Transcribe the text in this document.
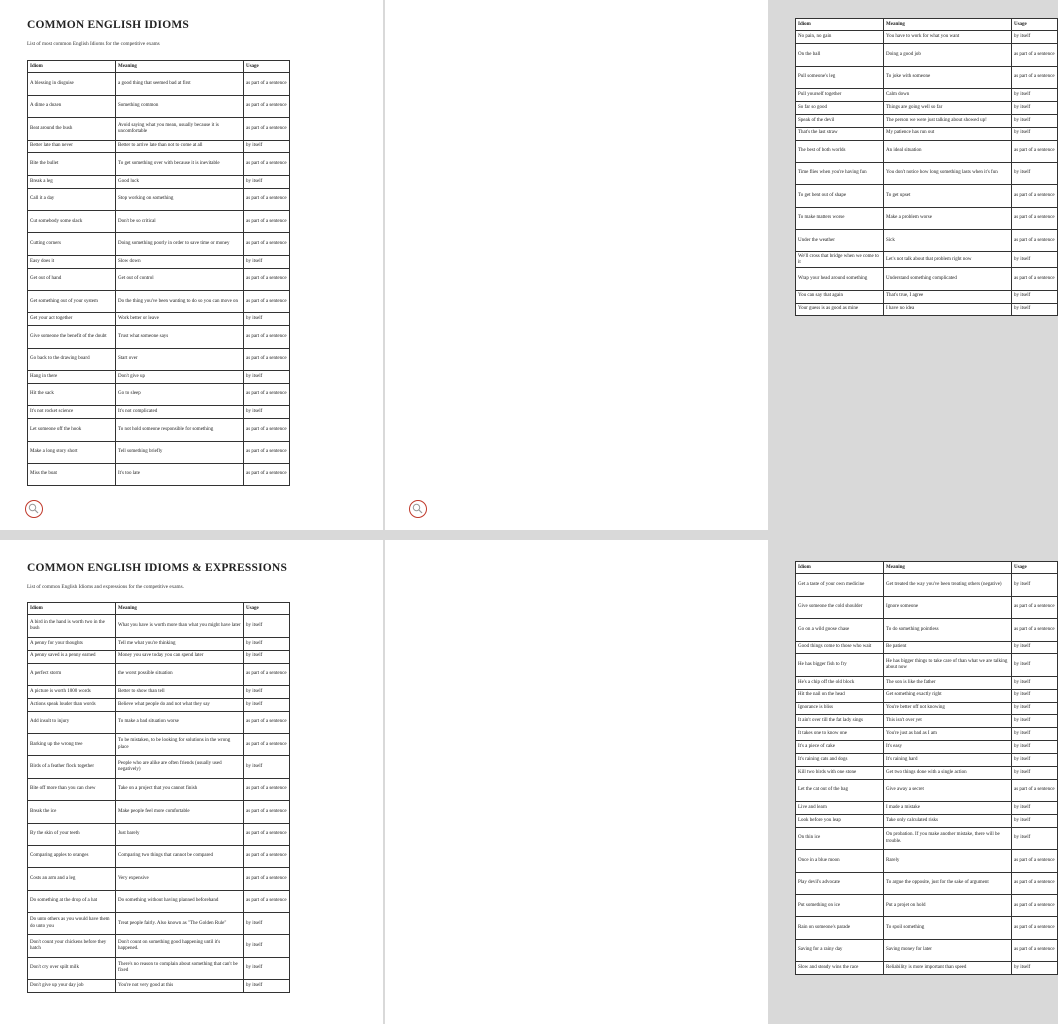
COMMON ENGLISH IDIOMS
List of most common English Idioms for the competitive exams
Idiom	Meaning	Usage
A blessing in disguise	a good thing that seemed bad at first	as part of a sentence
A dime a dozen	Something common	as part of a sentence
Beat around the bush	Avoid saying what you mean, usually because it is uncomfortable	as part of a sentence
Better late than never	Better to arrive late than not to come at all	by itself
Bite the bullet	To get something over with because it is inevitable	as part of a sentence
Break a leg	Good luck	by itself
Call it a day	Stop working on something	as part of a sentence
Cut somebody some slack	Don't be so critical	as part of a sentence
Cutting corners	Doing something poorly in order to save time or money	as part of a sentence
Easy does it	Slow down	by itself
Get out of hand	Get out of control	as part of a sentence
Get something out of your system	Do the thing you've been wanting to do so you can move on	as part of a sentence
Get your act together	Work better or leave	by itself
Give someone the benefit of the doubt	Trust what someone says	as part of a sentence
Go back to the drawing board	Start over	as part of a sentence
Hang in there	Don't give up	by itself
Hit the sack	Go to sleep	as part of a sentence
It's not rocket science	It's not complicated	by itself
Let someone off the hook	To not hold someone responsible for something	as part of a sentence
Make a long story short	Tell something briefly	as part of a sentence
Miss the boat	It's too late	as part of a sentence
Idiom	Meaning	Usage
No pain, no gain	You have to work for what you want	by itself
On the ball	Doing a good job	as part of a sentence
Pull someone's leg	To joke with someone	as part of a sentence
Pull yourself together	Calm down	by itself
So far so good	Things are going well so far	by itself
Speak of the devil	The person we were just talking about showed up!	by itself
That's the last straw	My patience has run out	by itself
The best of both worlds	An ideal situation	as part of a sentence
Time flies when you're having fun	You don't notice how long something lasts when it's fun	by itself
To get bent out of shape	To get upset	as part of a sentence
To make matters worse	Make a problem worse	as part of a sentence
Under the weather	Sick	as part of a sentence
We'll cross that bridge when we come to it	Let's not talk about that problem right now	by itself
Wrap your head around something	Understand something complicated	as part of a sentence
You can say that again	That's true, I agree	by itself
Your guess is as good as mine	I have no idea	by itself
COMMON ENGLISH IDIOMS & EXPRESSIONS
List of common English Idioms and expressions for the competitive exams.
Idiom	Meaning	Usage
A bird in the hand is worth two in the bush	What you have is worth more than what you might have later	by itself
A penny for your thoughts	Tell me what you're thinking	by itself
A penny saved is a penny earned	Money you save today you can spend later	by itself
A perfect storm	the worst possible situation	as part of a sentence
A picture is worth 1000 words	Better to show than tell	by itself
Actions speak louder than words	Believe what people do and not what they say	by itself
Add insult to injury	To make a bad situation worse	as part of a sentence
Barking up the wrong tree	To be mistaken, to be looking for solutions in the wrong place	as part of a sentence
Birds of a feather flock together	People who are alike are often friends (usually used negatively)	by itself
Bite off more than you can chew	Take on a project that you cannot finish	as part of a sentence
Break the ice	Make people feel more comfortable	as part of a sentence
By the skin of your teeth	Just barely	as part of a sentence
Comparing apples to oranges	Comparing two things that cannot be compared	as part of a sentence
Costs an arm and a leg	Very expensive	as part of a sentence
Do something at the drop of a hat	Do something without having planned beforehand	as part of a sentence
Do unto others as you would have them do unto you	Treat people fairly. Also known as "The Golden Rule"	by itself
Don't count your chickens before they hatch	Don't count on something good happening until it's happened.	by itself
Don't cry over spilt milk	There's no reason to complain about something that can't be fixed	by itself
Don't give up your day job	You're not very good at this	by itself
Idiom	Meaning	Usage
Get a taste of your own medicine	Get treated the way you've been treating others (negative)	by itself
Give someone the cold shoulder	Ignore someone	as part of a sentence
Go on a wild goose chase	To do something pointless	as part of a sentence
Good things come to those who wait	Be patient	by itself
He has bigger fish to fry	He has bigger things to take care of than what we are talking about now	by itself
He's a chip off the old block	The son is like the father	by itself
Hit the nail on the head	Get something exactly right	by itself
Ignorance is bliss	You're better off not knowing	by itself
It ain't over till the fat lady sings	This isn't over yet	by itself
It takes one to know one	You're just as bad as I am	by itself
It's a piece of cake	It's easy	by itself
It's raining cats and dogs	It's raining hard	by itself
Kill two birds with one stone	Get two things done with a single action	by itself
Let the cat out of the bag	Give away a secret	as part of a sentence
Live and learn	I made a mistake	by itself
Look before you leap	Take only calculated risks	by itself
On thin ice	On probation. If you make another mistake, there will be trouble.	by itself
Once in a blue moon	Rarely	as part of a sentence
Play devil's advocate	To argue the opposite, just for the sake of argument	as part of a sentence
Put something on ice	Put a projet on hold	as part of a sentence
Rain on someone's parade	To spoil something	as part of a sentence
Saving for a rainy day	Saving money for later	as part of a sentence
Slow and steady wins the race	Reliability is more important than speed	by itself
